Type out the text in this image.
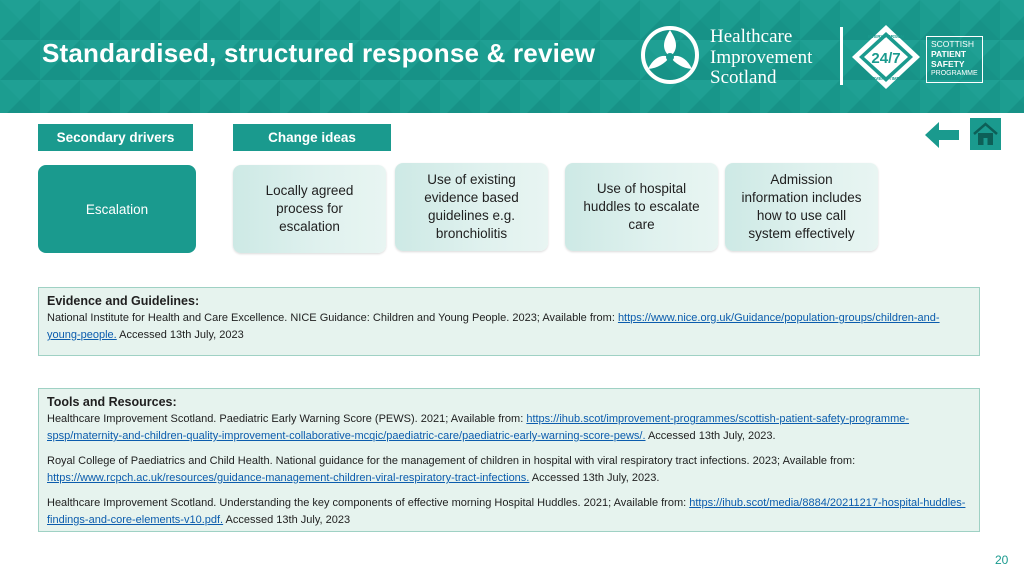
Standardised, structured response & review
Healthcare
Improvement
Scotland
24/7
EVERY PERSON
EVERY TIME
SCOTTISH
PATIENT
SAFETY
PROGRAMME
Secondary drivers	Change ideas
Escalation
Locally agreed process for escalation
Use of existing evidence based guidelines e.g. bronchiolitis
Use of hospital huddles to escalate care
Admission information includes how to use call system effectively
Evidence and Guidelines:

National Institute for Health and Care Excellence. NICE Guidance: Children and Young People. 2023; Available from: https://www.nice.org.uk/Guidance/population-groups/children-and-young-people. Accessed 13th July, 2023

Tools and Resources:

Healthcare Improvement Scotland. Paediatric Early Warning Score (PEWS). 2021; Available from: https://ihub.scot/improvement-programmes/scottish-patient-safety-programme-spsp/maternity-and-children-quality-improvement-collaborative-mcqic/paediatric-care/paediatric-early-warning-score-pews/. Accessed 13th July, 2023.

Royal College of Paediatrics and Child Health. National guidance for the management of children in hospital with viral respiratory tract infections. 2023; Available from: https://www.rcpch.ac.uk/resources/guidance-management-children-viral-respiratory-tract-infections. Accessed 13th July, 2023.

Healthcare Improvement Scotland. Understanding the key components of effective morning Hospital Huddles. 2021; Available from: https://ihub.scot/media/8884/20211217-hospital-huddles-findings-and-core-elements-v10.pdf. Accessed 13th July, 2023

20
